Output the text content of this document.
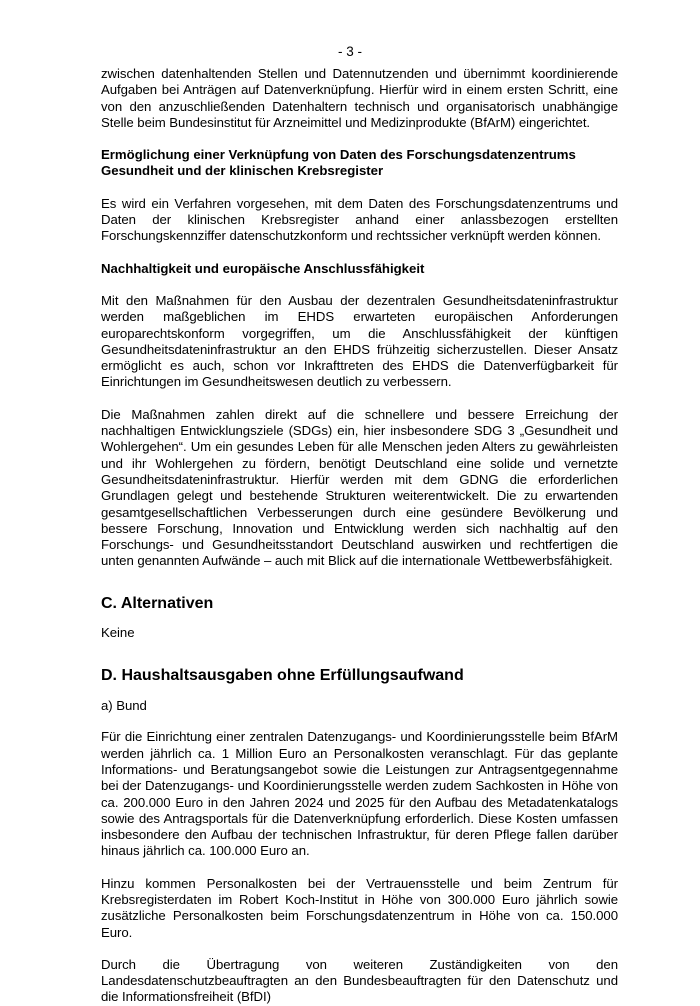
- 3 -

zwischen datenhaltenden Stellen und Datennutzenden und übernimmt koordinierende Aufgaben bei Anträgen auf Datenverknüpfung. Hierfür wird in einem ersten Schritt, eine von den anzuschließenden Datenhaltern technisch und organisatorisch unabhängige Stelle beim Bundesinstitut für Arzneimittel und Medizinprodukte (BfArM) eingerichtet.

Ermöglichung einer Verknüpfung von Daten des Forschungsdatenzentrums Gesundheit und der klinischen Krebsregister

Es wird ein Verfahren vorgesehen, mit dem Daten des Forschungsdatenzentrums und Daten der klinischen Krebsregister anhand einer anlassbezogen erstellten Forschungskennziffer datenschutzkonform und rechtssicher verknüpft werden können.

Nachhaltigkeit und europäische Anschlussfähigkeit

Mit den Maßnahmen für den Ausbau der dezentralen Gesundheitsdateninfrastruktur werden maßgeblichen im EHDS erwarteten europäischen Anforderungen europarechtskonform vorgegriffen, um die Anschlussfähigkeit der künftigen Gesundheitsdateninfrastruktur an den EHDS frühzeitig sicherzustellen. Dieser Ansatz ermöglicht es auch, schon vor Inkrafttreten des EHDS die Datenverfügbarkeit für Einrichtungen im Gesundheitswesen deutlich zu verbessern.

Die Maßnahmen zahlen direkt auf die schnellere und bessere Erreichung der nachhaltigen Entwicklungsziele (SDGs) ein, hier insbesondere SDG 3 „Gesundheit und Wohlergehen“. Um ein gesundes Leben für alle Menschen jeden Alters zu gewährleisten und ihr Wohlergehen zu fördern, benötigt Deutschland eine solide und vernetzte Gesundheitsdateninfrastruktur. Hierfür werden mit dem GDNG die erforderlichen Grundlagen gelegt und bestehende Strukturen weiterentwickelt. Die zu erwartenden gesamtgesellschaftlichen Verbesserungen durch eine gesündere Bevölkerung und bessere Forschung, Innovation und Entwicklung werden sich nachhaltig auf den Forschungs- und Gesundheitsstandort Deutschland auswirken und rechtfertigen die unten genannten Aufwände – auch mit Blick auf die internationale Wettbewerbsfähigkeit.

C. Alternativen

Keine

D. Haushaltsausgaben ohne Erfüllungsaufwand

a) Bund

Für die Einrichtung einer zentralen Datenzugangs- und Koordinierungsstelle beim BfArM werden jährlich ca. 1 Million Euro an Personalkosten veranschlagt. Für das geplante Informations- und Beratungsangebot sowie die Leistungen zur Antragsentgegennahme bei der Datenzugangs- und Koordinierungsstelle werden zudem Sachkosten in Höhe von ca. 200.000 Euro in den Jahren 2024 und 2025 für den Aufbau des Metadatenkatalogs sowie des Antragsportals für die Datenverknüpfung erforderlich. Diese Kosten umfassen insbesondere den Aufbau der technischen Infrastruktur, für deren Pflege fallen darüber hinaus jährlich ca. 100.000 Euro an.

Hinzu kommen Personalkosten bei der Vertrauensstelle und beim Zentrum für Krebsregisterdaten im Robert Koch-Institut in Höhe von 300.000 Euro jährlich sowie zusätzliche Personalkosten beim Forschungsdatenzentrum in Höhe von ca. 150.000 Euro.

Durch die Übertragung von weiteren Zuständigkeiten von den Landesdatenschutzbeauftragten an den Bundesbeauftragten für den Datenschutz und die Informationsfreiheit (BfDI)
